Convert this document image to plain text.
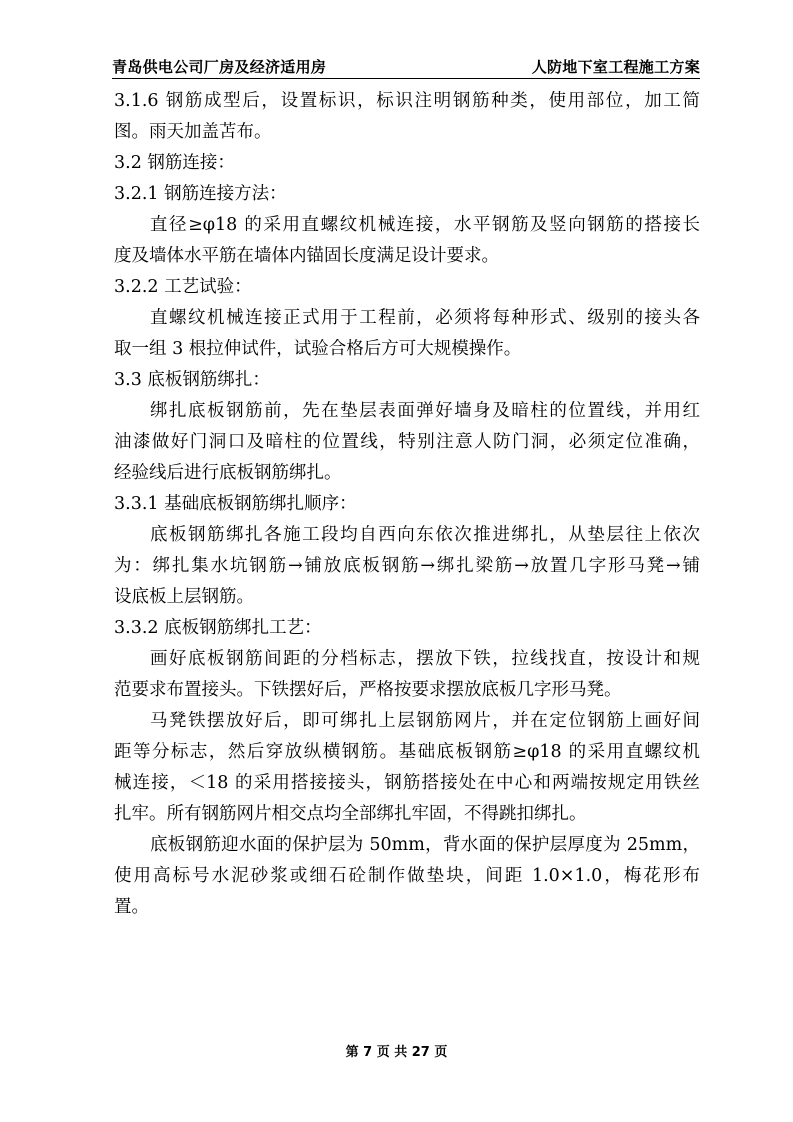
青岛供电公司厂房及经济适用房	人防地下室工程施工方案
3.1.6 钢筋成型后，设置标识，标识注明钢筋种类，使用部位，加工简
图。雨天加盖苫布。
3.2 钢筋连接：
3.2.1 钢筋连接方法：
直径≥φ18 的采用直螺纹机械连接，水平钢筋及竖向钢筋的搭接长
度及墙体水平筋在墙体内锚固长度满足设计要求。
3.2.2 工艺试验：
直螺纹机械连接正式用于工程前，必须将每种形式、级别的接头各
取一组 3 根拉伸试件，试验合格后方可大规模操作。
3.3 底板钢筋绑扎：
绑扎底板钢筋前，先在垫层表面弹好墙身及暗柱的位置线，并用红
油漆做好门洞口及暗柱的位置线，特别注意人防门洞，必须定位准确，
经验线后进行底板钢筋绑扎。
3.3.1 基础底板钢筋绑扎顺序：
底板钢筋绑扎各施工段均自西向东依次推进绑扎，从垫层往上依次
为：绑扎集水坑钢筋→铺放底板钢筋→绑扎梁筋→放置几字形马凳→铺
设底板上层钢筋。
3.3.2 底板钢筋绑扎工艺：
画好底板钢筋间距的分档标志，摆放下铁，拉线找直，按设计和规
范要求布置接头。下铁摆好后，严格按要求摆放底板几字形马凳。
马凳铁摆放好后，即可绑扎上层钢筋网片，并在定位钢筋上画好间
距等分标志，然后穿放纵横钢筋。基础底板钢筋≥φ18 的采用直螺纹机
械连接，＜18 的采用搭接接头，钢筋搭接处在中心和两端按规定用铁丝
扎牢。所有钢筋网片相交点均全部绑扎牢固，不得跳扣绑扎。
底板钢筋迎水面的保护层为 50mm，背水面的保护层厚度为 25mm，
使用高标号水泥砂浆或细石砼制作做垫块，间距 1.0×1.0，梅花形布
置。
第 7 页 共 27 页
